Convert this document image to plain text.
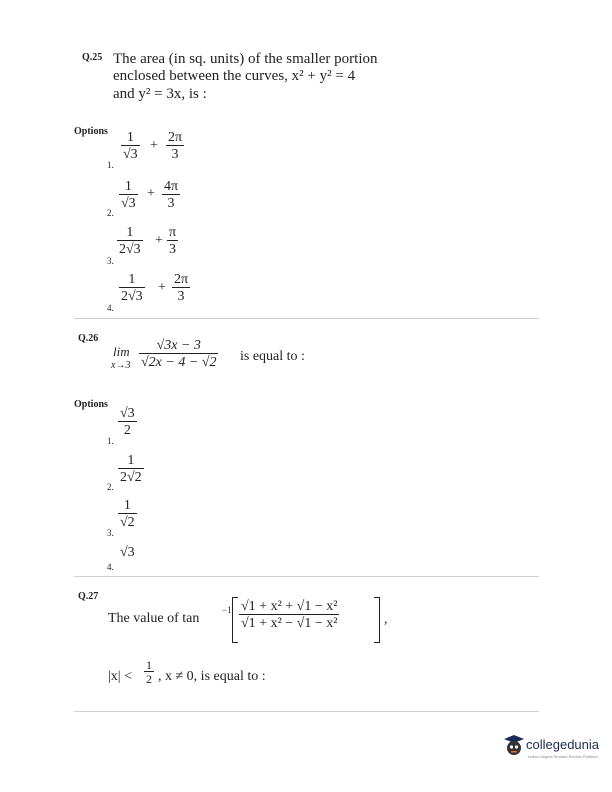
Q.25 The area (in sq. units) of the smaller portion
enclosed between the curves, x² + y² = 4
and y² = 3x, is :
Options
1.
$\frac{1}{√3} + \frac{2\pi}{3}$
2.
$\frac{1}{√3} + \frac{4\pi}{3}$
3.
$\frac{1}{2√3} + \frac{\pi}{3}$
4.
$\frac{1}{2√3} + \frac{2\pi}{3}$
Q.26
lim
$x\to 3 \frac{√3x - 3}{√2x - 4 - √2}$ is equal to :
Options
1.
$\frac{√3}{2}$
2.
$\frac{1}{2√2}$
3.
$\frac{1}{√2}$
4.
√3
Q.27
The value of tan
$-1 \frac{\text{√1 + x² + √1 − x²}}{\text{√1 + x² − √1 − x²}}$	,
$|x| < \frac{1}{2}$ , x ≠ 0, is equal to :
collegedunia
India's largest Student Review Platform
